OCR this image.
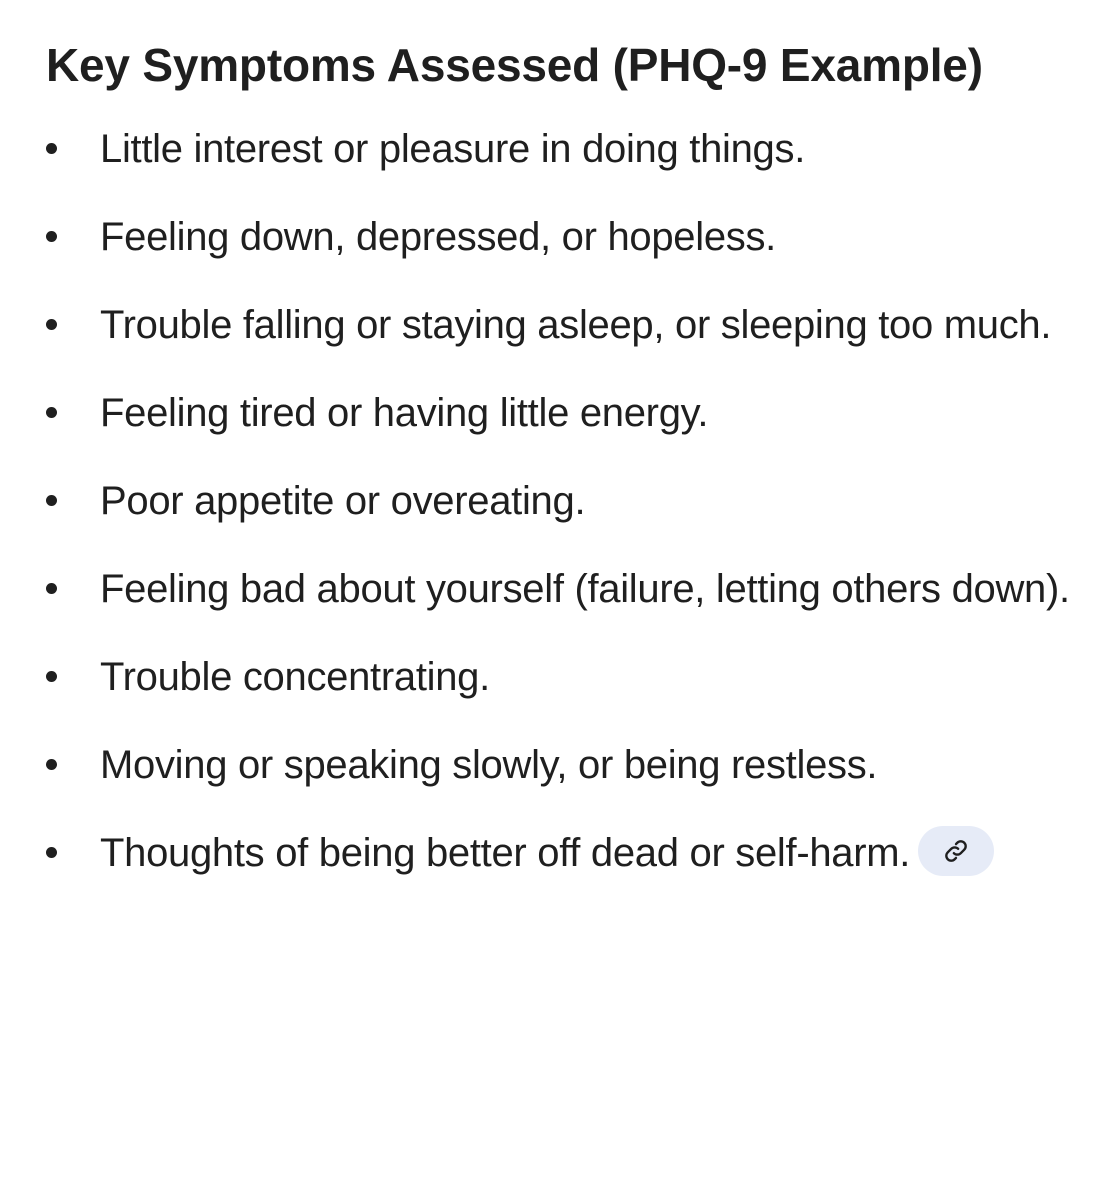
Key Symptoms Assessed (PHQ-9 Example)
Little interest or pleasure in doing things.
Feeling down, depressed, or hopeless.
Trouble falling or staying asleep, or sleeping too much.
Feeling tired or having little energy.
Poor appetite or overeating.
Feeling bad about yourself (failure, letting others down).
Trouble concentrating.
Moving or speaking slowly, or being restless.
Thoughts of being better off dead or self-harm.
